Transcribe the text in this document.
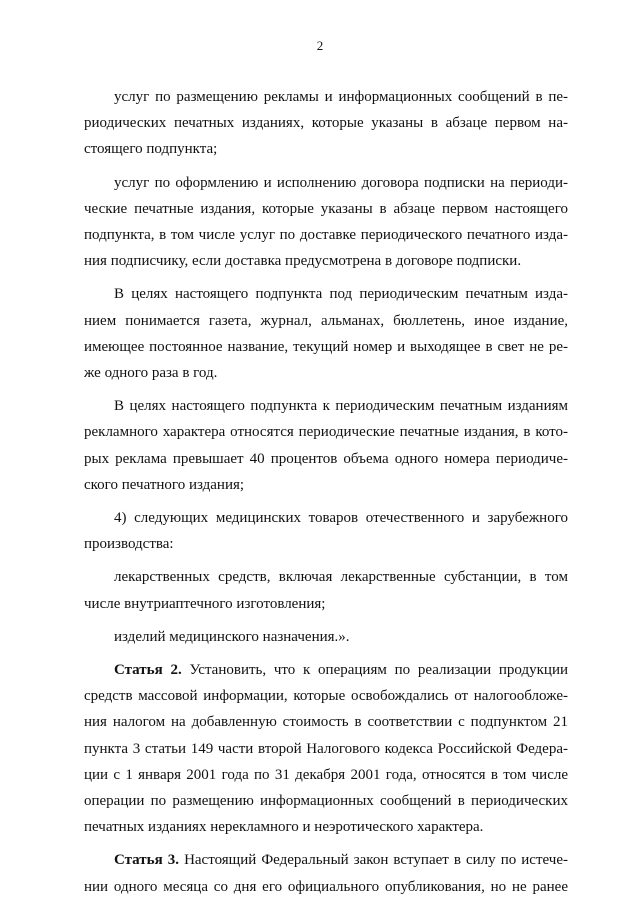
2
услуг по размещению рекламы и информационных сообщений в пе-
риодических печатных изданиях, которые указаны в абзаце первом на-
стоящего подпункта;
услуг по оформлению и исполнению договора подписки на периоди-
ческие печатные издания, которые указаны в абзаце первом настоящего
подпункта, в том числе услуг по доставке периодического печатного изда-
ния подписчику, если доставка предусмотрена в договоре подписки.
В целях настоящего подпункта под периодическим печатным изда-
нием понимается газета, журнал, альманах, бюллетень, иное издание,
имеющее постоянное название, текущий номер и выходящее в свет не ре-
же одного раза в год.
В целях настоящего подпункта к периодическим печатным изданиям
рекламного характера относятся периодические печатные издания, в кото-
рых реклама превышает 40 процентов объема одного номера периодиче-
ского печатного издания;
4) следующих медицинских товаров отечественного и зарубежного
производства:
лекарственных средств, включая лекарственные субстанции, в том
числе внутриаптечного изготовления;
изделий медицинского назначения.».
Статья 2. Установить, что к операциям по реализации продукции
средств массовой информации, которые освобождались от налогообложе-
ния налогом на добавленную стоимость в соответствии с подпунктом 21
пункта 3 статьи 149 части второй Налогового кодекса Российской Федера-
ции с 1 января 2001 года по 31 декабря 2001 года, относятся в том числе
операции по размещению информационных сообщений в периодических
печатных изданиях нерекламного и неэротического характера.
Статья 3. Настоящий Федеральный закон вступает в силу по истече-
нии одного месяца со дня его официального опубликования, но не ранее
